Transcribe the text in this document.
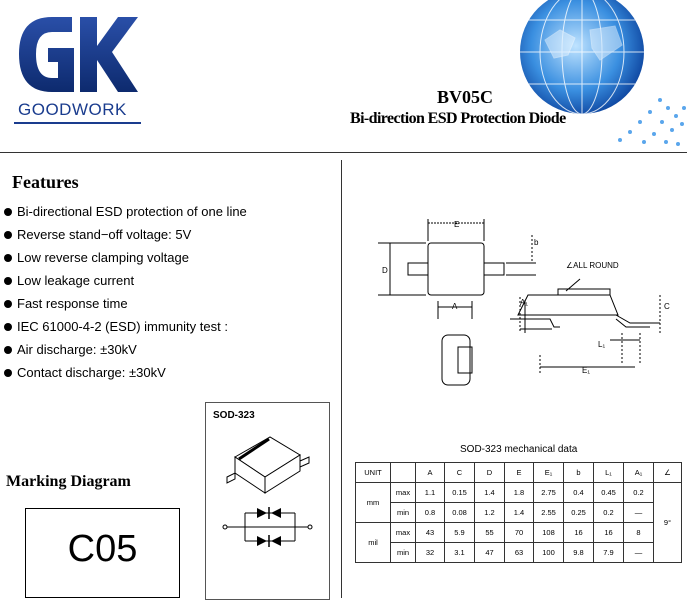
GOODWORK
BV05C
Bi-direction ESD Protection Diode
Features
Bi-directional ESD protection of one line
Reverse stand−off voltage: 5V
Low reverse clamping voltage
Low leakage current
Fast response time
IEC 61000-4-2 (ESD) immunity test :
Air discharge: ±30kV
Contact discharge: ±30kV
SOD-323
Marking Diagram
C05
E
D
A
b
A₁	C
L₁
E₁
∠ALL ROUND
SOD-323 mechanical data
UNIT		A	C	D	E	E₁	b	L₁	A₁	∠
mm	max	1.1	0.15	1.4	1.8	2.75	0.4	0.45	0.2	9°
	min	0.8	0.08	1.2	1.4	2.55	0.25	0.2	—	
mil	max	43	5.9	55	70	108	16	16	8	
	min	32	3.1	47	63	100	9.8	7.9	—	
